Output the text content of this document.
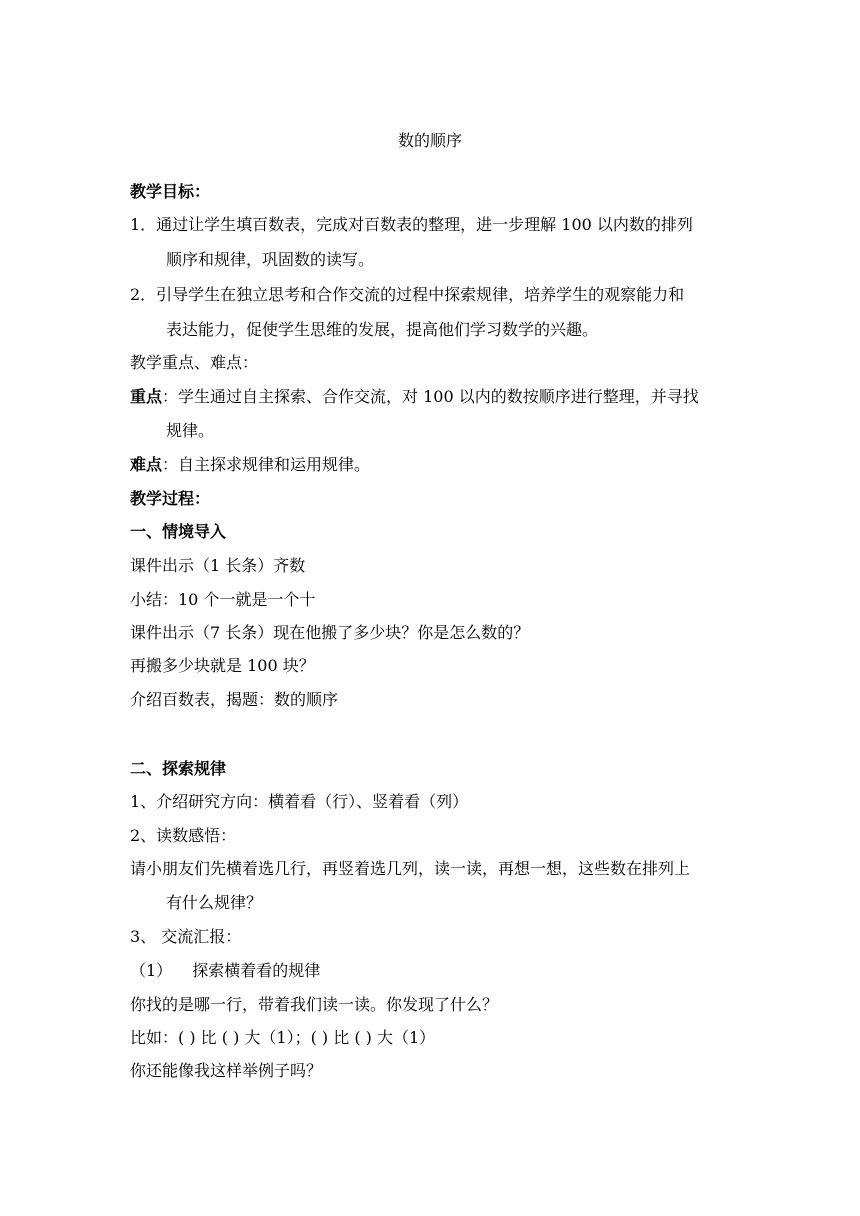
数的顺序
教学目标：
1．通过让学生填百数表，完成对百数表的整理，进一步理解 100 以内数的排列
顺序和规律，巩固数的读写。
2．引导学生在独立思考和合作交流的过程中探索规律，培养学生的观察能力和
表达能力，促使学生思维的发展，提高他们学习数学的兴趣。
教学重点、难点：
重点：学生通过自主探索、合作交流，对 100 以内的数按顺序进行整理，并寻找
规律。
难点：自主探求规律和运用规律。
教学过程：
一、情境导入
课件出示（1 长条）齐数
小结：10 个一就是一个十
课件出示（7 长条）现在他搬了多少块？你是怎么数的？
再搬多少块就是 100 块？
介绍百数表，揭题：数的顺序
二、探索规律
1、介绍研究方向：横着看（行）、竖着看（列）
2、读数感悟：
请小朋友们先横着选几行，再竖着选几列，读一读，再想一想，这些数在排列上
有什么规律？
3、 交流汇报：
（1） 探索横着看的规律
你找的是哪一行，带着我们读一读。你发现了什么？
比如：( ) 比 ( ) 大（1）；( ) 比 ( ) 大（1）
你还能像我这样举例子吗？
